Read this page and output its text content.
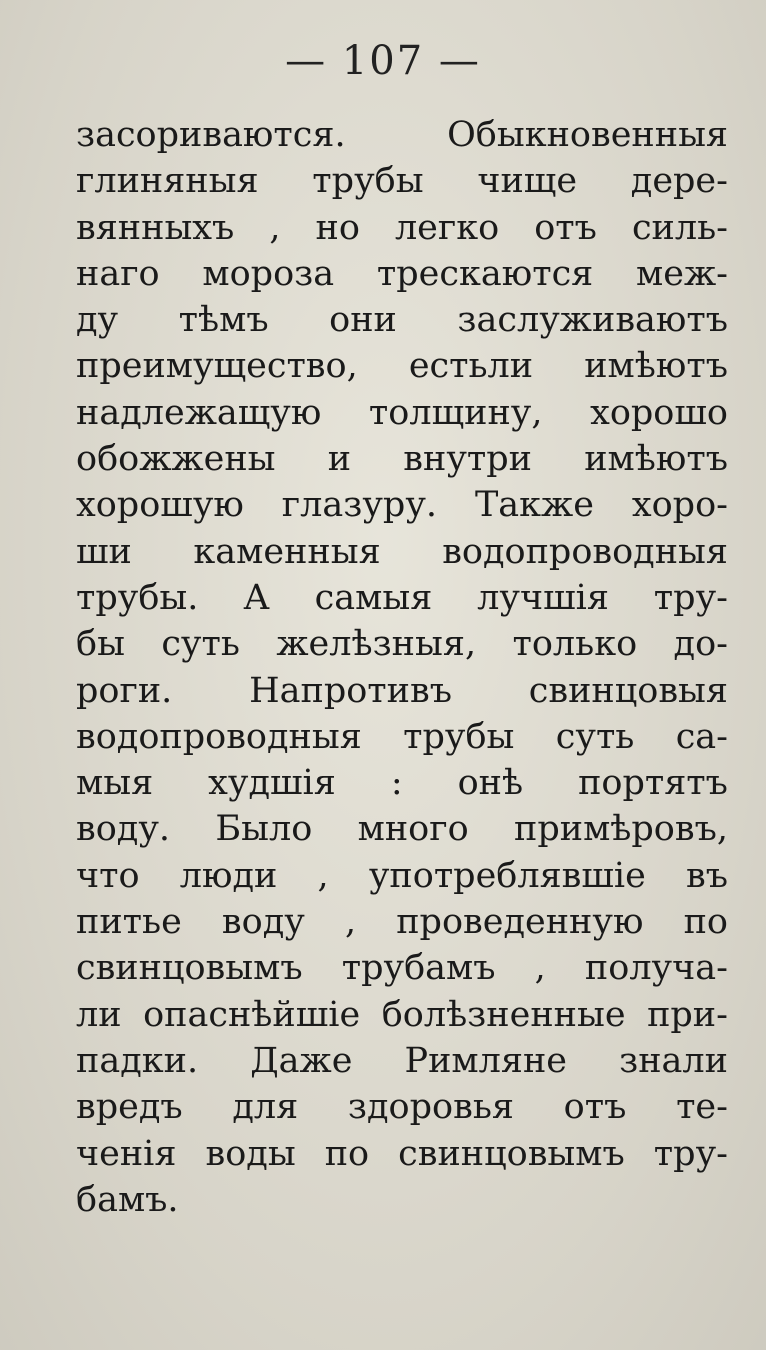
— 107 —
засориваются.	Обыкновенныя
глиняныя трубы чище дере-
вянныхъ , но легко отъ силь-
наго мороза трескаются меж-
ду тѣмъ они заслуживаютъ
преимущество, естьли имѣютъ
надлежащую толщину, хорошо
обожжены и внутри имѣютъ
хорошую глазуру. Также хоро-
ши каменныя водопроводныя
трубы. А самыя лучшiя тру-
бы суть желѣзныя, только до-
роги. Напротивъ свинцовыя
водопроводныя трубы суть са-
мыя худшiя : онѣ портятъ
воду. Было много примѣровъ,
что люди , употреблявшiе въ
питье воду , проведенную по
свинцовымъ трубамъ , получа-
ли опаснѣйшiе болѣзненные при-
падки. Даже Римляне знали
вредъ для здоровья отъ те-
ченiя воды по свинцовымъ тру-
бамъ.
